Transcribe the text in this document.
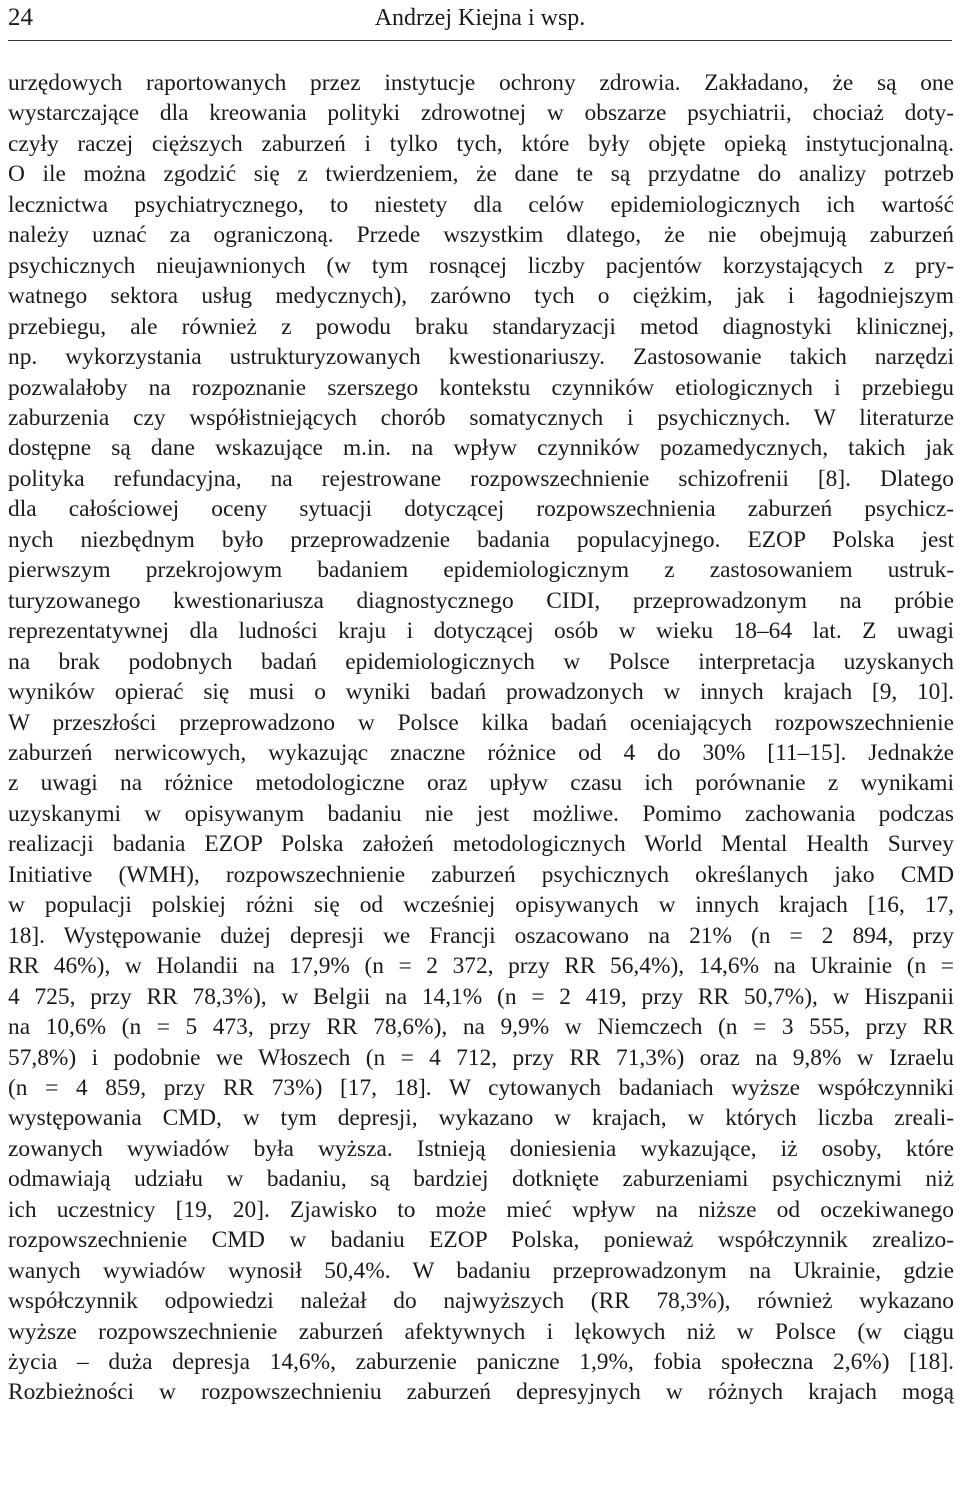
24	Andrzej Kiejna i wsp.

urzędowych raportowanych przez instytucje ochrony zdrowia. Zakładano, że są one
wystarczające dla kreowania polityki zdrowotnej w obszarze psychiatrii, chociaż doty-
czyły raczej cięższych zaburzeń i tylko tych, które były objęte opieką instytucjonalną.
O ile można zgodzić się z twierdzeniem, że dane te są przydatne do analizy potrzeb
lecznictwa psychiatrycznego, to niestety dla celów epidemiologicznych ich wartość
należy uznać za ograniczoną. Przede wszystkim dlatego, że nie obejmują zaburzeń
psychicznych nieujawnionych (w tym rosnącej liczby pacjentów korzystających z pry-
watnego sektora usług medycznych), zarówno tych o ciężkim, jak i łagodniejszym
przebiegu, ale również z powodu braku standaryzacji metod diagnostyki klinicznej,
np. wykorzystania ustrukturyzowanych kwestionariuszy. Zastosowanie takich narzędzi
pozwalałoby na rozpoznanie szerszego kontekstu czynników etiologicznych i przebiegu
zaburzenia czy współistniejących chorób somatycznych i psychicznych. W literaturze
dostępne są dane wskazujące m.in. na wpływ czynników pozamedycznych, takich jak
polityka refundacyjna, na rejestrowane rozpowszechnienie schizofrenii [8]. Dlatego
dla całościowej oceny sytuacji dotyczącej rozpowszechnienia zaburzeń psychicz-
nych niezbędnym było przeprowadzenie badania populacyjnego. EZOP Polska jest
pierwszym przekrojowym badaniem epidemiologicznym z zastosowaniem ustruk-
turyzowanego kwestionariusza diagnostycznego CIDI, przeprowadzonym na próbie
reprezentatywnej dla ludności kraju i dotyczącej osób w wieku 18–64 lat. Z uwagi
na brak podobnych badań epidemiologicznych w Polsce interpretacja uzyskanych
wyników opierać się musi o wyniki badań prowadzonych w innych krajach [9, 10].
W przeszłości przeprowadzono w Polsce kilka badań oceniających rozpowszechnienie
zaburzeń nerwicowych, wykazując znaczne różnice od 4 do 30% [11–15]. Jednakże
z uwagi na różnice metodologiczne oraz upływ czasu ich porównanie z wynikami
uzyskanymi w opisywanym badaniu nie jest możliwe. Pomimo zachowania podczas
realizacji badania EZOP Polska założeń metodologicznych World Mental Health Survey
Initiative (WMH), rozpowszechnienie zaburzeń psychicznych określanych jako CMD
w populacji polskiej różni się od wcześniej opisywanych w innych krajach [16, 17,
18]. Występowanie dużej depresji we Francji oszacowano na 21% (n = 2 894, przy
RR 46%), w Holandii na 17,9% (n = 2 372, przy RR 56,4%), 14,6% na Ukrainie (n =
4 725, przy RR 78,3%), w Belgii na 14,1% (n = 2 419, przy RR 50,7%), w Hiszpanii
na 10,6% (n = 5 473, przy RR 78,6%), na 9,9% w Niemczech (n = 3 555, przy RR
57,8%) i podobnie we Włoszech (n = 4 712, przy RR 71,3%) oraz na 9,8% w Izraelu
(n = 4 859, przy RR 73%) [17, 18]. W cytowanych badaniach wyższe współczynniki
występowania CMD, w tym depresji, wykazano w krajach, w których liczba zreali-
zowanych wywiadów była wyższa. Istnieją doniesienia wykazujące, iż osoby, które
odmawiają udziału w badaniu, są bardziej dotknięte zaburzeniami psychicznymi niż
ich uczestnicy [19, 20]. Zjawisko to może mieć wpływ na niższe od oczekiwanego
rozpowszechnienie CMD w badaniu EZOP Polska, ponieważ współczynnik zrealizo-
wanych wywiadów wynosił 50,4%. W badaniu przeprowadzonym na Ukrainie, gdzie
współczynnik odpowiedzi należał do najwyższych (RR 78,3%), również wykazano
wyższe rozpowszechnienie zaburzeń afektywnych i lękowych niż w Polsce (w ciągu
życia – duża depresja 14,6%, zaburzenie paniczne 1,9%, fobia społeczna 2,6%) [18].
Rozbieżności w rozpowszechnieniu zaburzeń depresyjnych w różnych krajach mogą
